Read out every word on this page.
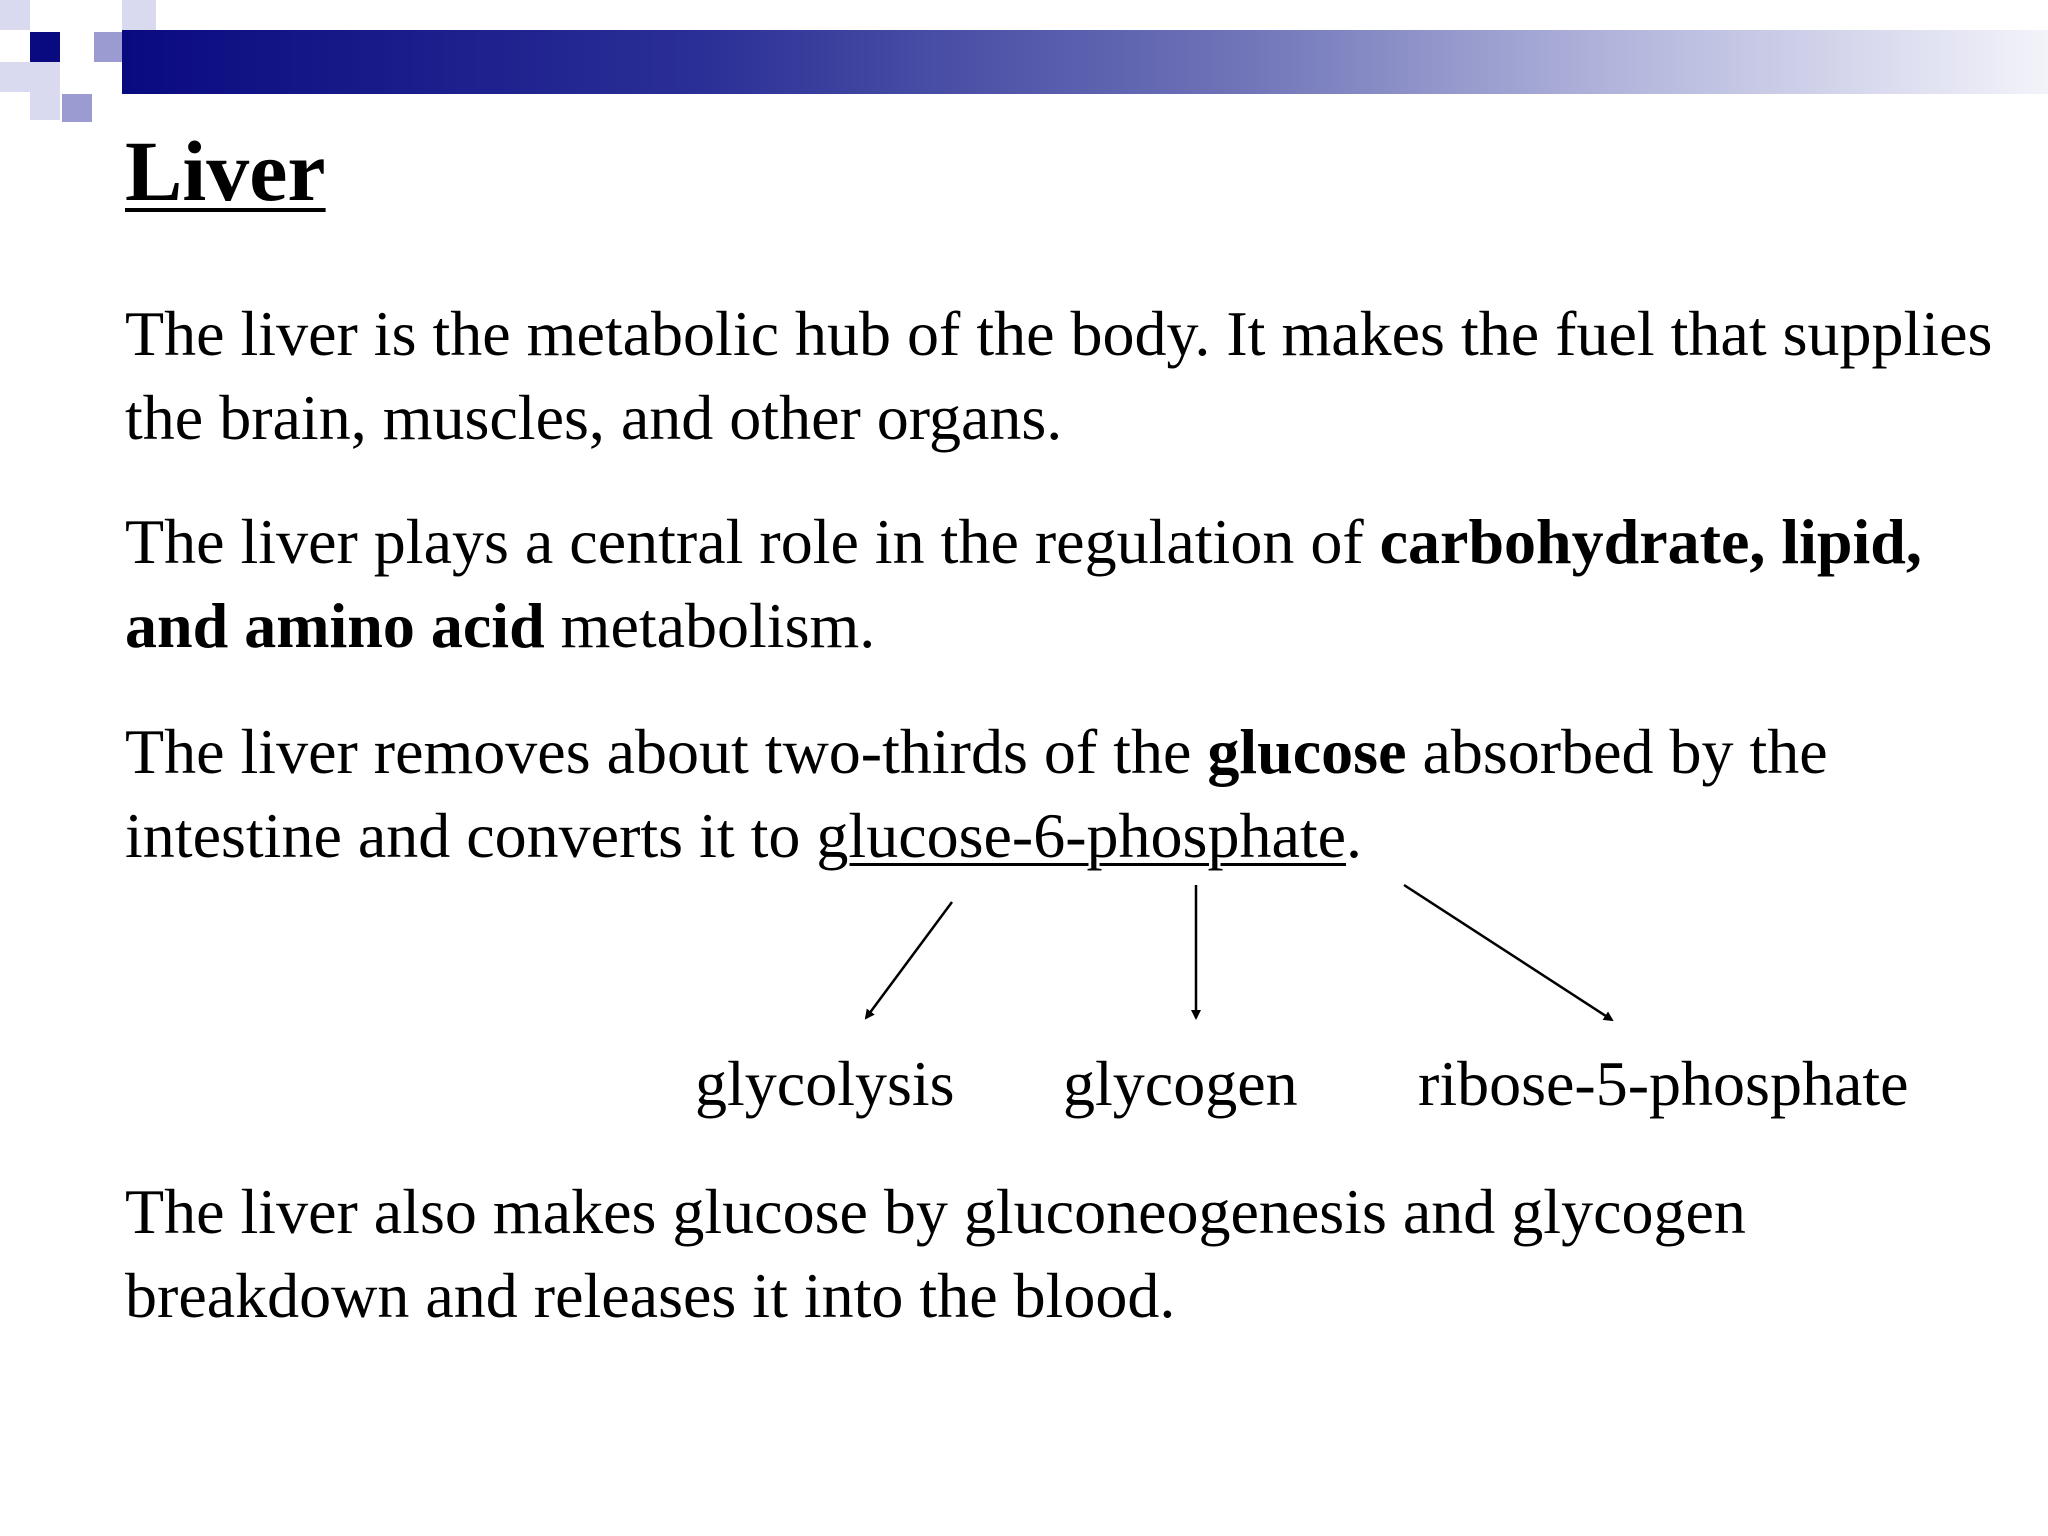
Liver

The liver is the metabolic hub of the body. It makes the fuel that supplies the brain, muscles, and other organs.

The liver plays a central role in the regulation of carbohydrate, lipid, and amino acid metabolism.

The liver removes about two-thirds of the glucose absorbed by the intestine and converts it to glucose-6-phosphate.

glycolysis glycogen ribose-5-phosphate

The liver also makes glucose by gluconeogenesis and glycogen breakdown and releases it into the blood.
